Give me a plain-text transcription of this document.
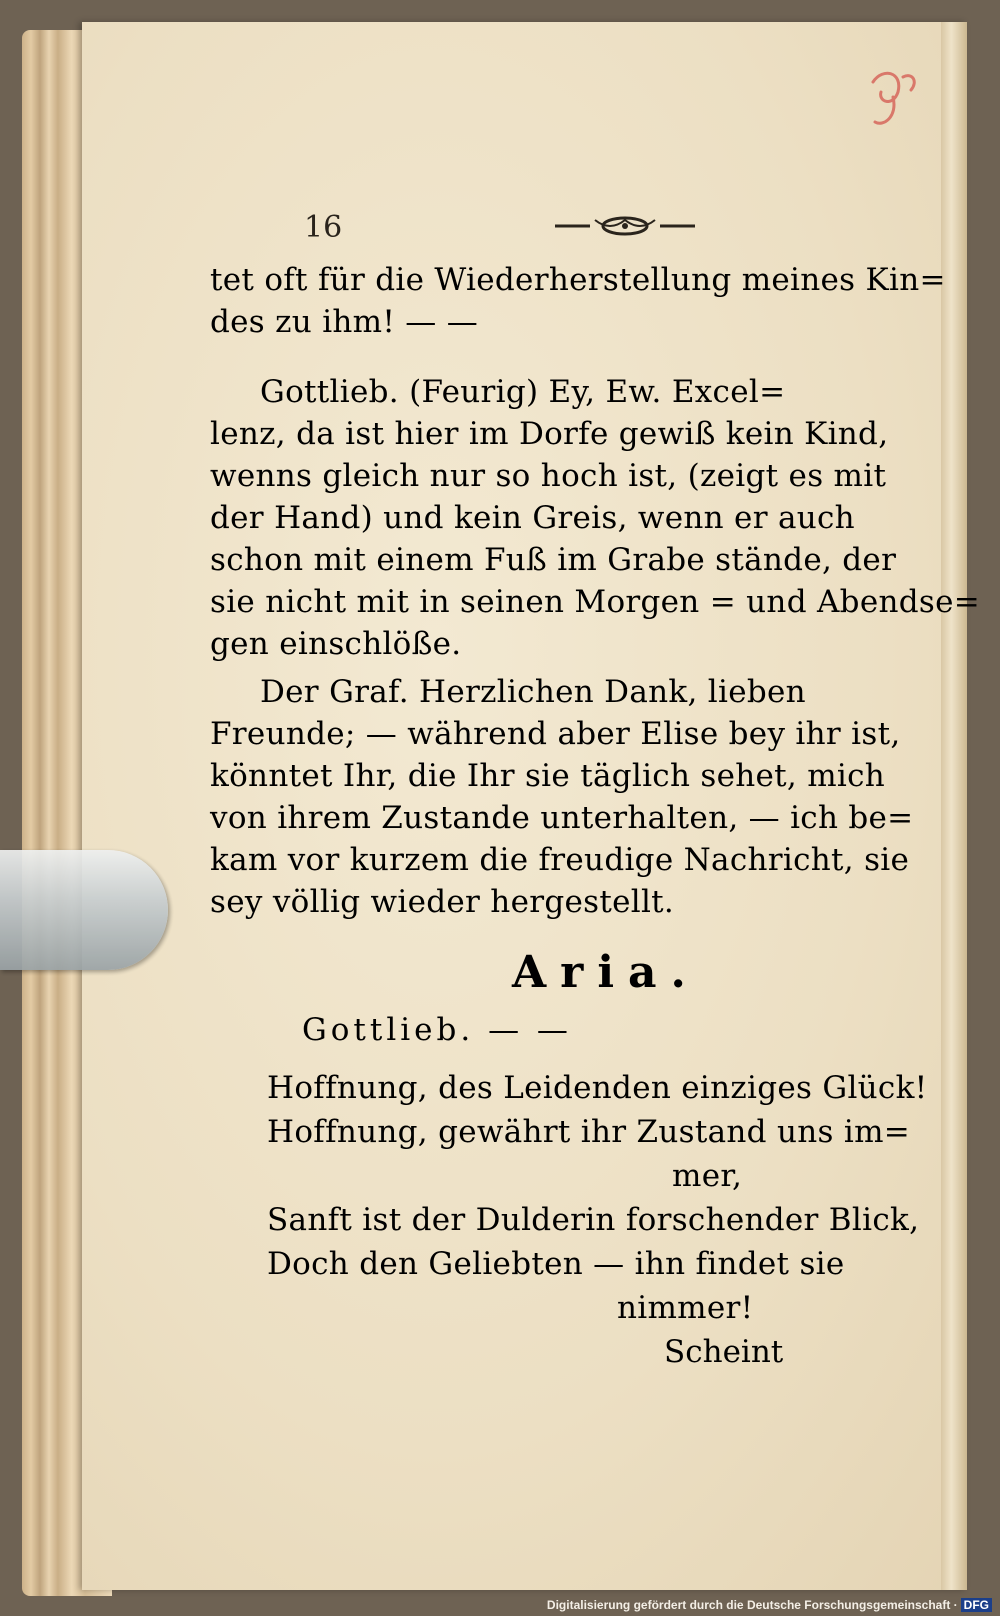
16
Aria.
Gottlieb. — —
Hoffnung, des Leidenden einziges Glück!
Hoffnung, gewährt ihr Zustand uns im=
mer,
Sanft ist der Dulderin forschender Blick,
Doch den Geliebten — ihn findet sie
nimmer!
Scheint
tet oft für die Wiederherstellung meines Kin=
des zu ihm! — —
Gottlieb. (Feurig) Ey, Ew. Excel=
lenz, da ist hier im Dorfe gewiß kein Kind,
wenns gleich nur so hoch ist, (zeigt es mit
der Hand) und kein Greis, wenn er auch
schon mit einem Fuß im Grabe stände, der
sie nicht mit in seinen Morgen = und Abendse=
gen einschlöße.
Der Graf. Herzlichen Dank, lieben
Freunde; — während aber Elise bey ihr ist,
könntet Ihr, die Ihr sie täglich sehet, mich
von ihrem Zustande unterhalten, — ich be=
kam vor kurzem die freudige Nachricht, sie
sey völlig wieder hergestellt.
Digitalisierung gefördert durch die Deutsche Forschungsgemeinschaft · DFG
